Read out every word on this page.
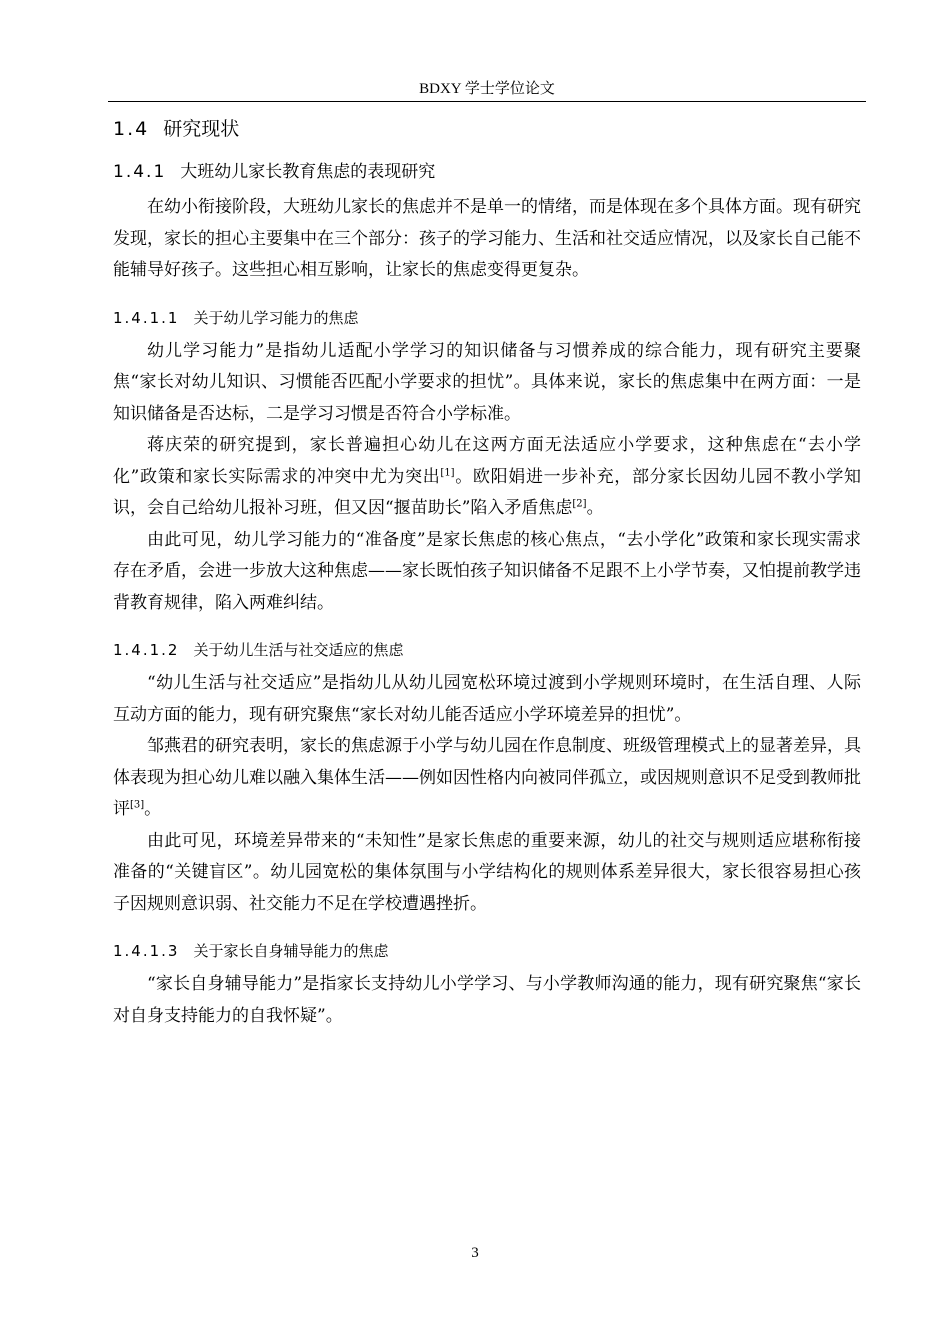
BDXY 学士学位论文
1.4 研究现状
1.4.1 大班幼儿家长教育焦虑的表现研究

在幼小衔接阶段，大班幼儿家长的焦虑并不是单一的情绪，而是体现在多个具体方面。现有研究发现，家长的担心主要集中在三个部分：孩子的学习能力、生活和社交适应情况，以及家长自己能不能辅导好孩子。这些担心相互影响，让家长的焦虑变得更复杂。

1.4.1.1 关于幼儿学习能力的焦虑

幼儿学习能力”是指幼儿适配小学学习的知识储备与习惯养成的综合能力，现有研究主要聚焦“家长对幼儿知识、习惯能否匹配小学要求的担忧”。具体来说，家长的焦虑集中在两方面：一是知识储备是否达标，二是学习习惯是否符合小学标准。

蒋庆荣的研究提到，家长普遍担心幼儿在这两方面无法适应小学要求，这种焦虑在“去小学化”政策和家长实际需求的冲突中尤为突出[1]。欧阳娟进一步补充，部分家长因幼儿园不教小学知识，会自己给幼儿报补习班，但又因“揠苗助长”陷入矛盾焦虑[2]。

由此可见，幼儿学习能力的“准备度”是家长焦虑的核心焦点，“去小学化”政策和家长现实需求存在矛盾，会进一步放大这种焦虑——家长既怕孩子知识储备不足跟不上小学节奏，又怕提前教学违背教育规律，陷入两难纠结。

1.4.1.2 关于幼儿生活与社交适应的焦虑

“幼儿生活与社交适应”是指幼儿从幼儿园宽松环境过渡到小学规则环境时，在生活自理、人际互动方面的能力，现有研究聚焦“家长对幼儿能否适应小学环境差异的担忧”。

邹燕君的研究表明，家长的焦虑源于小学与幼儿园在作息制度、班级管理模式上的显著差异，具体表现为担心幼儿难以融入集体生活——例如因性格内向被同伴孤立，或因规则意识不足受到教师批评[3]。

由此可见，环境差异带来的“未知性”是家长焦虑的重要来源，幼儿的社交与规则适应堪称衔接准备的“关键盲区”。幼儿园宽松的集体氛围与小学结构化的规则体系差异很大，家长很容易担心孩子因规则意识弱、社交能力不足在学校遭遇挫折。

1.4.1.3 关于家长自身辅导能力的焦虑

“家长自身辅导能力”是指家长支持幼儿小学学习、与小学教师沟通的能力，现有研究聚焦“家长对自身支持能力的自我怀疑”。

3
